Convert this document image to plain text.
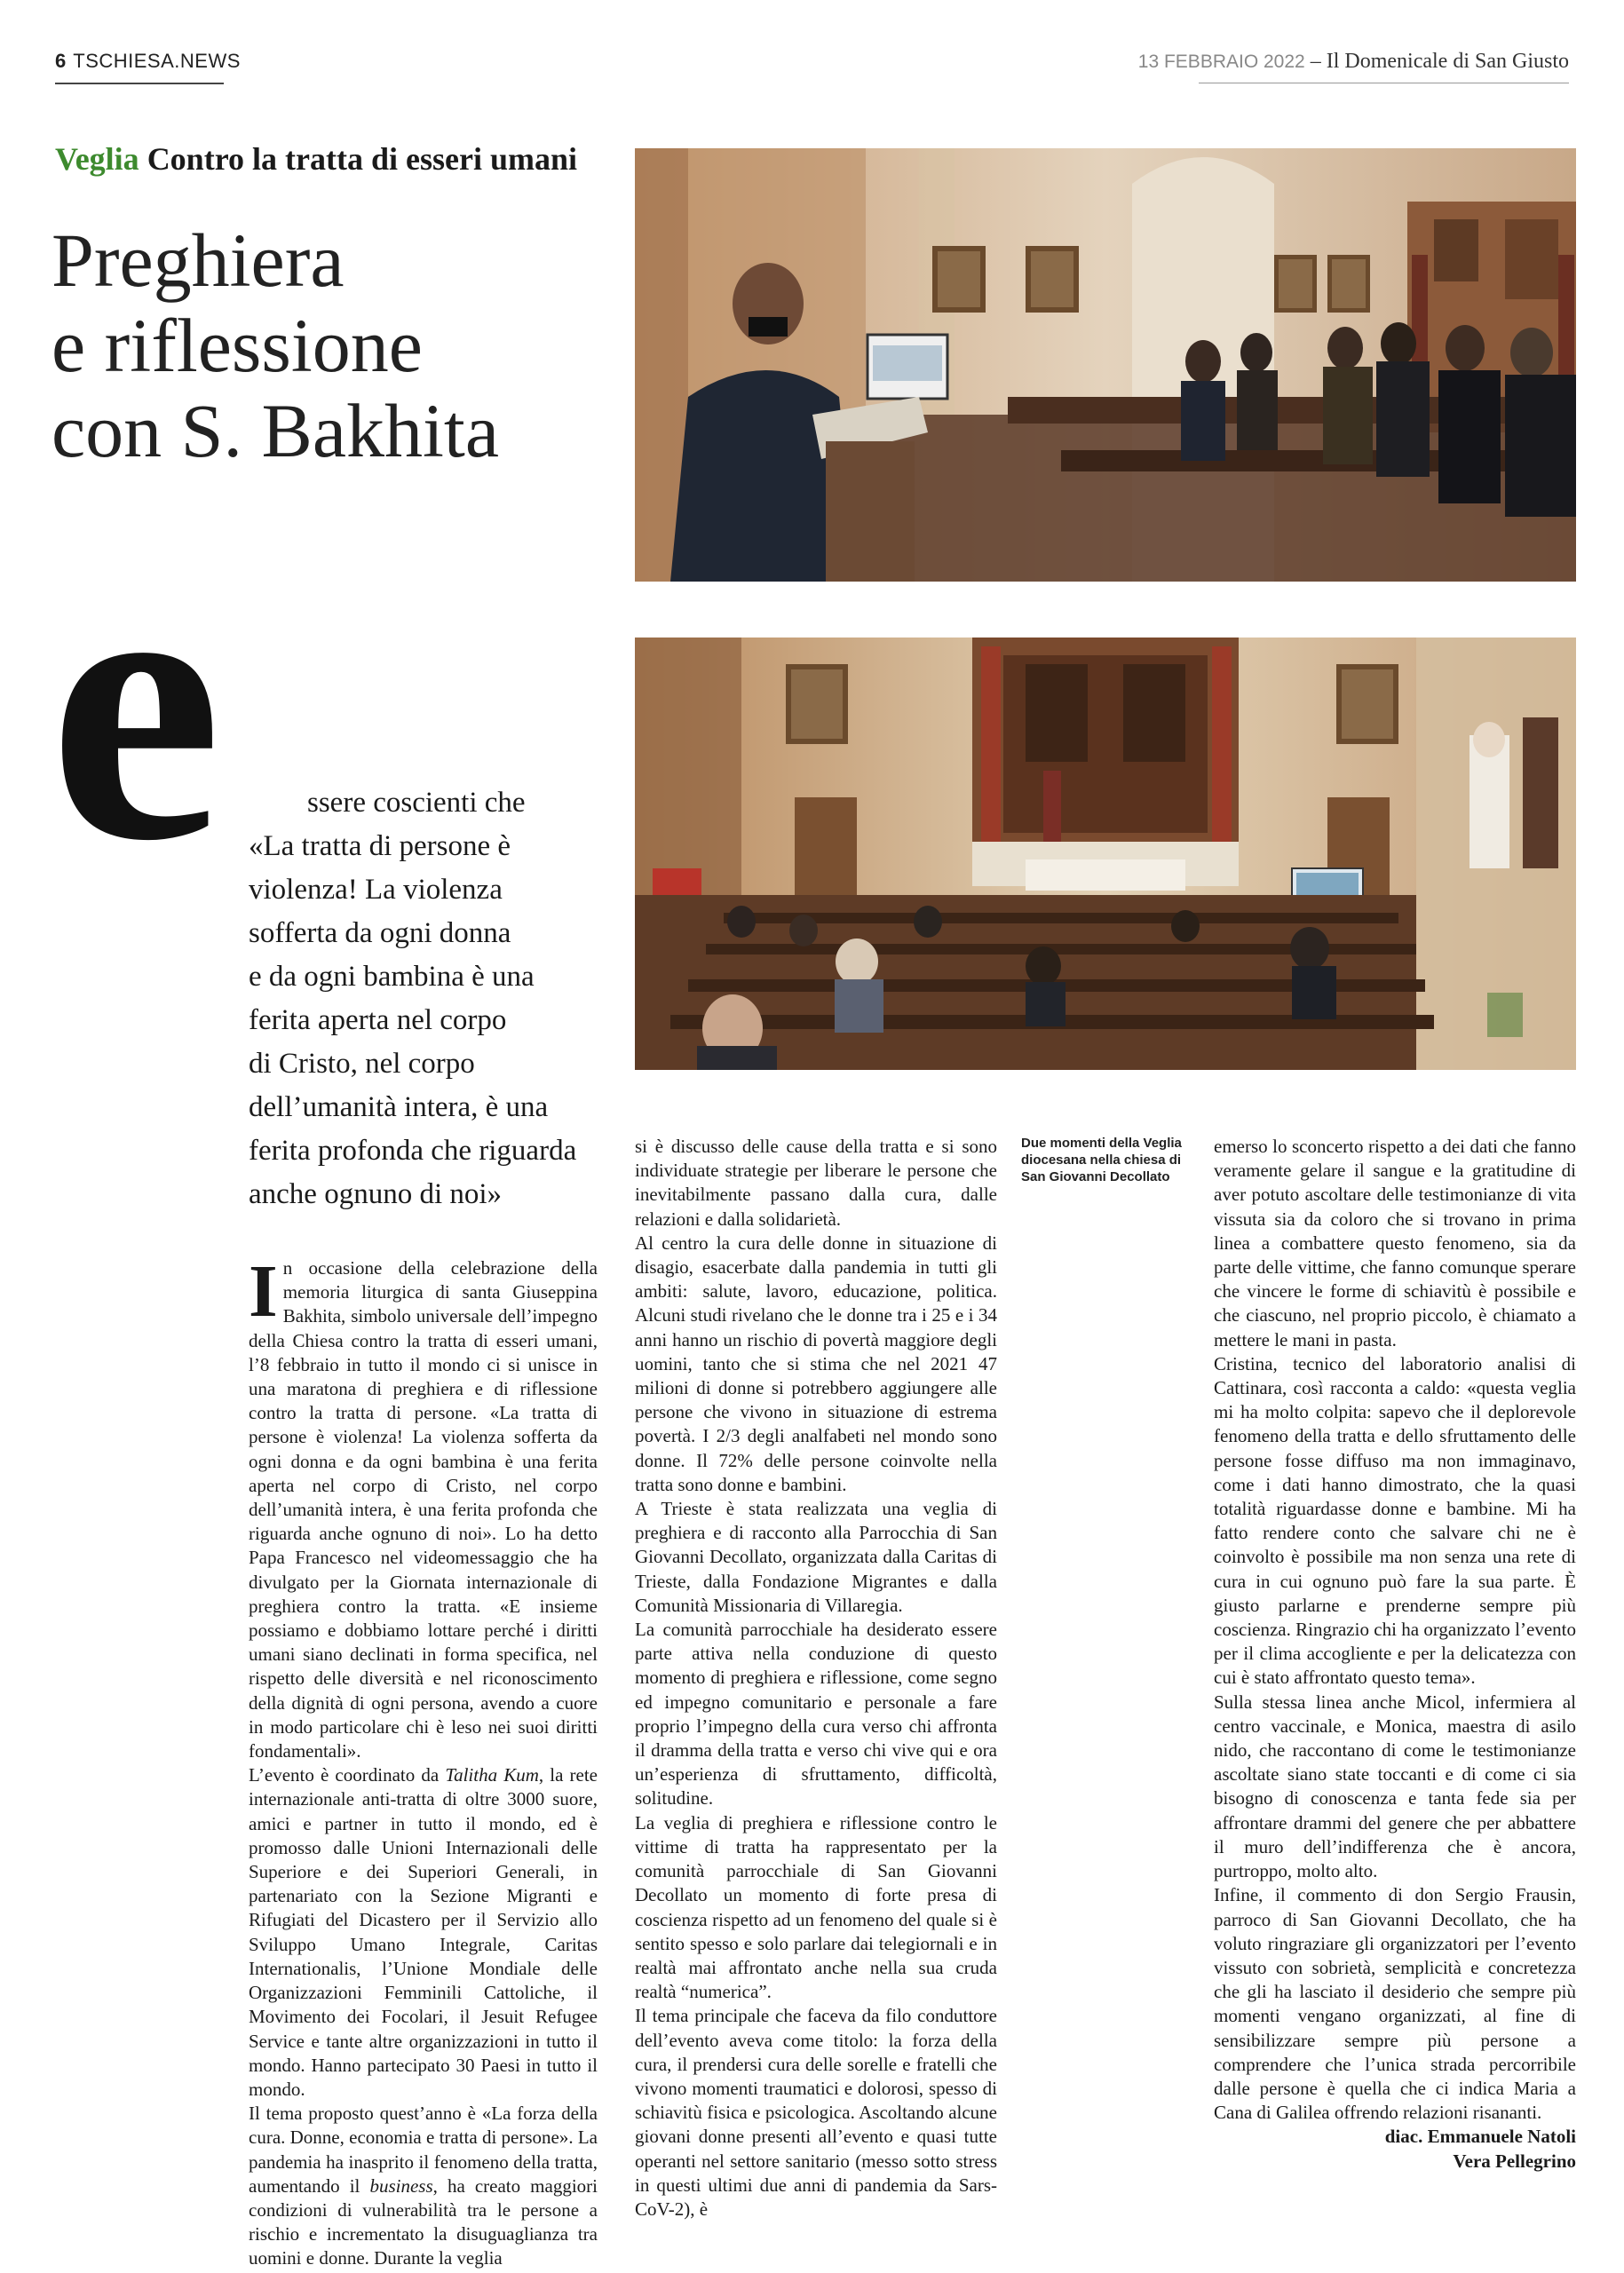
6 TSCHIESA.NEWS	13 FEBBRAIO 2022 – Il Domenicale di San Giusto
Veglia Contro la tratta di esseri umani
Preghiera
e riflessione
con S. Bakhita
e	ssere coscienti che
«La tratta di persone è
violenza! La violenza
sofferta da ogni donna
e da ogni bambina è una
ferita aperta nel corpo
di Cristo, nel corpo
dell’umanità intera, è una
ferita profonda che riguarda
anche ognuno di noi»
Due momenti della Veglia diocesana nella chiesa di San Giovanni Decollato

In occasione della celebrazione della memoria liturgica di santa Giuseppina Bakhita, simbolo universale dell’impegno della Chiesa contro la tratta di esseri umani, l’8 febbraio in tutto il mondo ci si unisce in una maratona di preghiera e di riflessione contro la tratta di persone. «La tratta di persone è violenza! La violenza sofferta da ogni donna e da ogni bambina è una ferita aperta nel corpo di Cristo, nel corpo dell’umanità intera, è una ferita profonda che riguarda anche ognuno di noi». Lo ha detto Papa Francesco nel videomessaggio che ha divulgato per la Giornata internazionale di preghiera contro la tratta. «E insieme possiamo e dobbiamo lottare perché i diritti umani siano declinati in forma specifica, nel rispetto delle diversità e nel riconoscimento della dignità di ogni persona, avendo a cuore in modo particolare chi è leso nei suoi diritti fondamentali».

L’evento è coordinato da Talitha Kum, la rete internazionale anti-tratta di oltre 3000 suore, amici e partner in tutto il mondo, ed è promosso dalle Unioni Internazionali delle Superiore e dei Superiori Generali, in partenariato con la Sezione Migranti e Rifugiati del Dicastero per il Servizio allo Sviluppo Umano Integrale, Caritas Internationalis, l’Unione Mondiale delle Organizzazioni Femminili Cattoliche, il Movimento dei Focolari, il Jesuit Refugee Service e tante altre organizzazioni in tutto il mondo. Hanno partecipato 30 Paesi in tutto il mondo.

Il tema proposto quest’anno è «La forza della cura. Donne, economia e tratta di persone». La pandemia ha inasprito il fenomeno della tratta, aumentando il business, ha creato maggiori condizioni di vulnerabilità tra le persone a rischio e incrementato la disuguaglianza tra uomini e donne. Durante la veglia

si è discusso delle cause della tratta e si sono individuate strategie per liberare le persone che inevitabilmente passano dalla cura, dalle relazioni e dalla solidarietà.

Al centro la cura delle donne in situazione di disagio, esacerbate dalla pandemia in tutti gli ambiti: salute, lavoro, educazione, politica. Alcuni studi rivelano che le donne tra i 25 e i 34 anni hanno un rischio di povertà maggiore degli uomini, tanto che si stima che nel 2021 47 milioni di donne si potrebbero aggiungere alle persone che vivono in situazione di estrema povertà. I 2/3 degli analfabeti nel mondo sono donne. Il 72% delle persone coinvolte nella tratta sono donne e bambini.

A Trieste è stata realizzata una veglia di preghiera e di racconto alla Parrocchia di San Giovanni Decollato, organizzata dalla Caritas di Trieste, dalla Fondazione Migrantes e dalla Comunità Missionaria di Villaregia.

La comunità parrocchiale ha desiderato essere parte attiva nella conduzione di questo momento di preghiera e riflessione, come segno ed impegno comunitario e personale a fare proprio l’impegno della cura verso chi affronta il dramma della tratta e verso chi vive qui e ora un’esperienza di sfruttamento, difficoltà, solitudine.

La veglia di preghiera e riflessione contro le vittime di tratta ha rappresentato per la comunità parrocchiale di San Giovanni Decollato un momento di forte presa di coscienza rispetto ad un fenomeno del quale si è sentito spesso e solo parlare dai telegiornali e in realtà mai affrontato anche nella sua cruda realtà “numerica”.

Il tema principale che faceva da filo conduttore dell’evento aveva come titolo: la forza della cura, il prendersi cura delle sorelle e fratelli che vivono momenti traumatici e dolorosi, spesso di schiavitù fisica e psicologica. Ascoltando alcune giovani donne presenti all’evento e quasi tutte operanti nel settore sanitario (messo sotto stress in questi ultimi due anni di pandemia da Sars-CoV-2), è

emerso lo sconcerto rispetto a dei dati che fanno veramente gelare il sangue e la gratitudine di aver potuto ascoltare delle testimonianze di vita vissuta sia da coloro che si trovano in prima linea a combattere questo fenomeno, sia da parte delle vittime, che fanno comunque sperare che vincere le forme di schiavitù è possibile e che ciascuno, nel proprio piccolo, è chiamato a mettere le mani in pasta.

Cristina, tecnico del laboratorio analisi di Cattinara, così racconta a caldo: «questa veglia mi ha molto colpita: sapevo che il deplorevole fenomeno della tratta e dello sfruttamento delle persone fosse diffuso ma non immaginavo, come i dati hanno dimostrato, che la quasi totalità riguardasse donne e bambine. Mi ha fatto rendere conto che salvare chi ne è coinvolto è possibile ma non senza una rete di cura in cui ognuno può fare la sua parte. È giusto parlarne e prenderne sempre più coscienza. Ringrazio chi ha organizzato l’evento per il clima accogliente e per la delicatezza con cui è stato affrontato questo tema».

Sulla stessa linea anche Micol, infermiera al centro vaccinale, e Monica, maestra di asilo nido, che raccontano di come le testimonianze ascoltate siano state toccanti e di come ci sia bisogno di conoscenza e tanta fede sia per affrontare drammi del genere che per abbattere il muro dell’indifferenza che è ancora, purtroppo, molto alto.

Infine, il commento di don Sergio Frausin, parroco di San Giovanni Decollato, che ha voluto ringraziare gli organizzatori per l’evento vissuto con sobrietà, semplicità e concretezza che gli ha lasciato il desiderio che sempre più momenti vengano organizzati, al fine di sensibilizzare sempre più persone a comprendere che l’unica strada percorribile dalle persone è quella che ci indica Maria a Cana di Galilea offrendo relazioni risananti.

diac. Emmanuele Natoli

Vera Pellegrino
